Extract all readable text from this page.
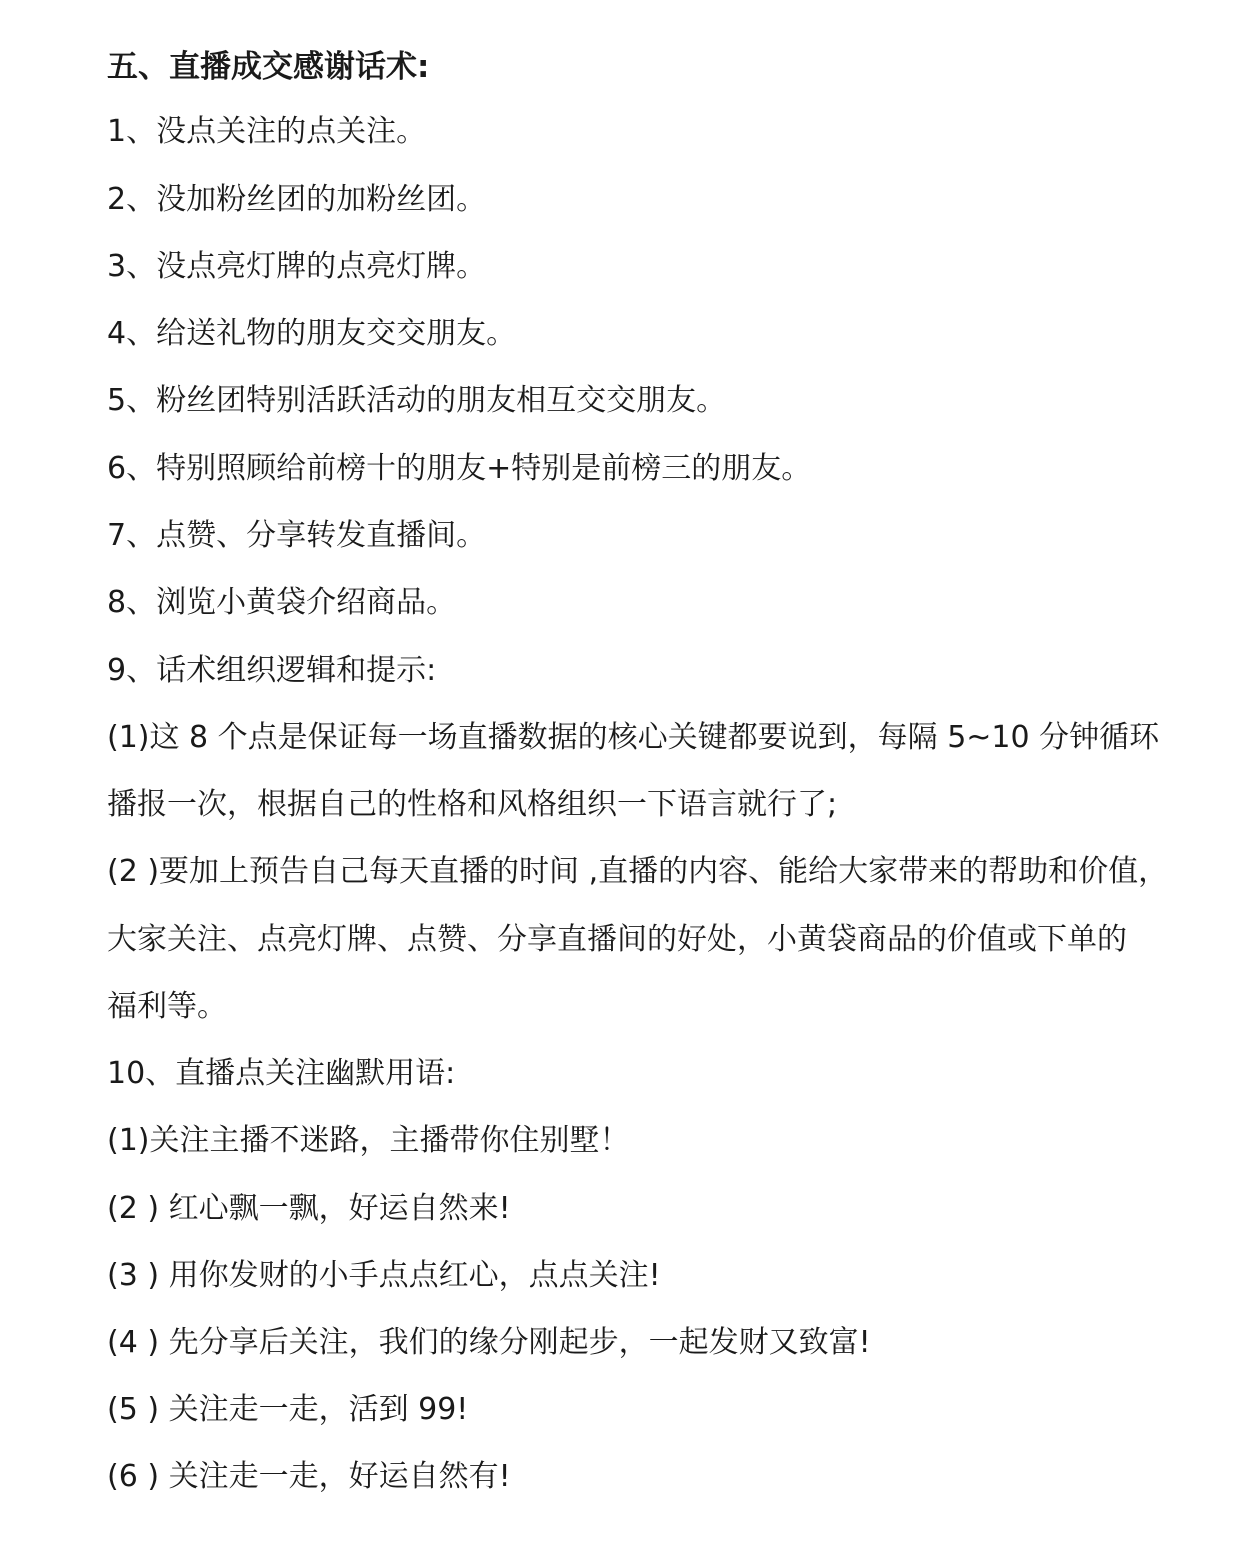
五、直播成交感谢话术:
1、没点关注的点关注。
2、没加粉丝团的加粉丝团。
3、没点亮灯牌的点亮灯牌。
4、给送礼物的朋友交交朋友。
5、粉丝团特别活跃活动的朋友相互交交朋友。
6、特别照顾给前榜十的朋友+特别是前榜三的朋友。
7、点赞、分享转发直播间。
8、浏览小黄袋介绍商品。
9、话术组织逻辑和提示:
(1)这 8 个点是保证每一场直播数据的核心关键都要说到，每隔 5~10 分钟循环
播报一次，根据自己的性格和风格组织一下语言就行了;
(2 )要加上预告自己每天直播的时间 ,直播的内容、能给大家带来的帮助和价值，
大家关注、点亮灯牌、点赞、分享直播间的好处，小黄袋商品的价值或下单的
福利等。
10、直播点关注幽默用语:
(1)关注主播不迷路，主播带你住别墅！
(2 ) 红心飘一飘，好运自然来!
(3 ) 用你发财的小手点点红心，点点关注!
(4 ) 先分享后关注，我们的缘分刚起步，一起发财又致富!
(5 ) 关注走一走，活到 99!
(6 ) 关注走一走，好运自然有!
